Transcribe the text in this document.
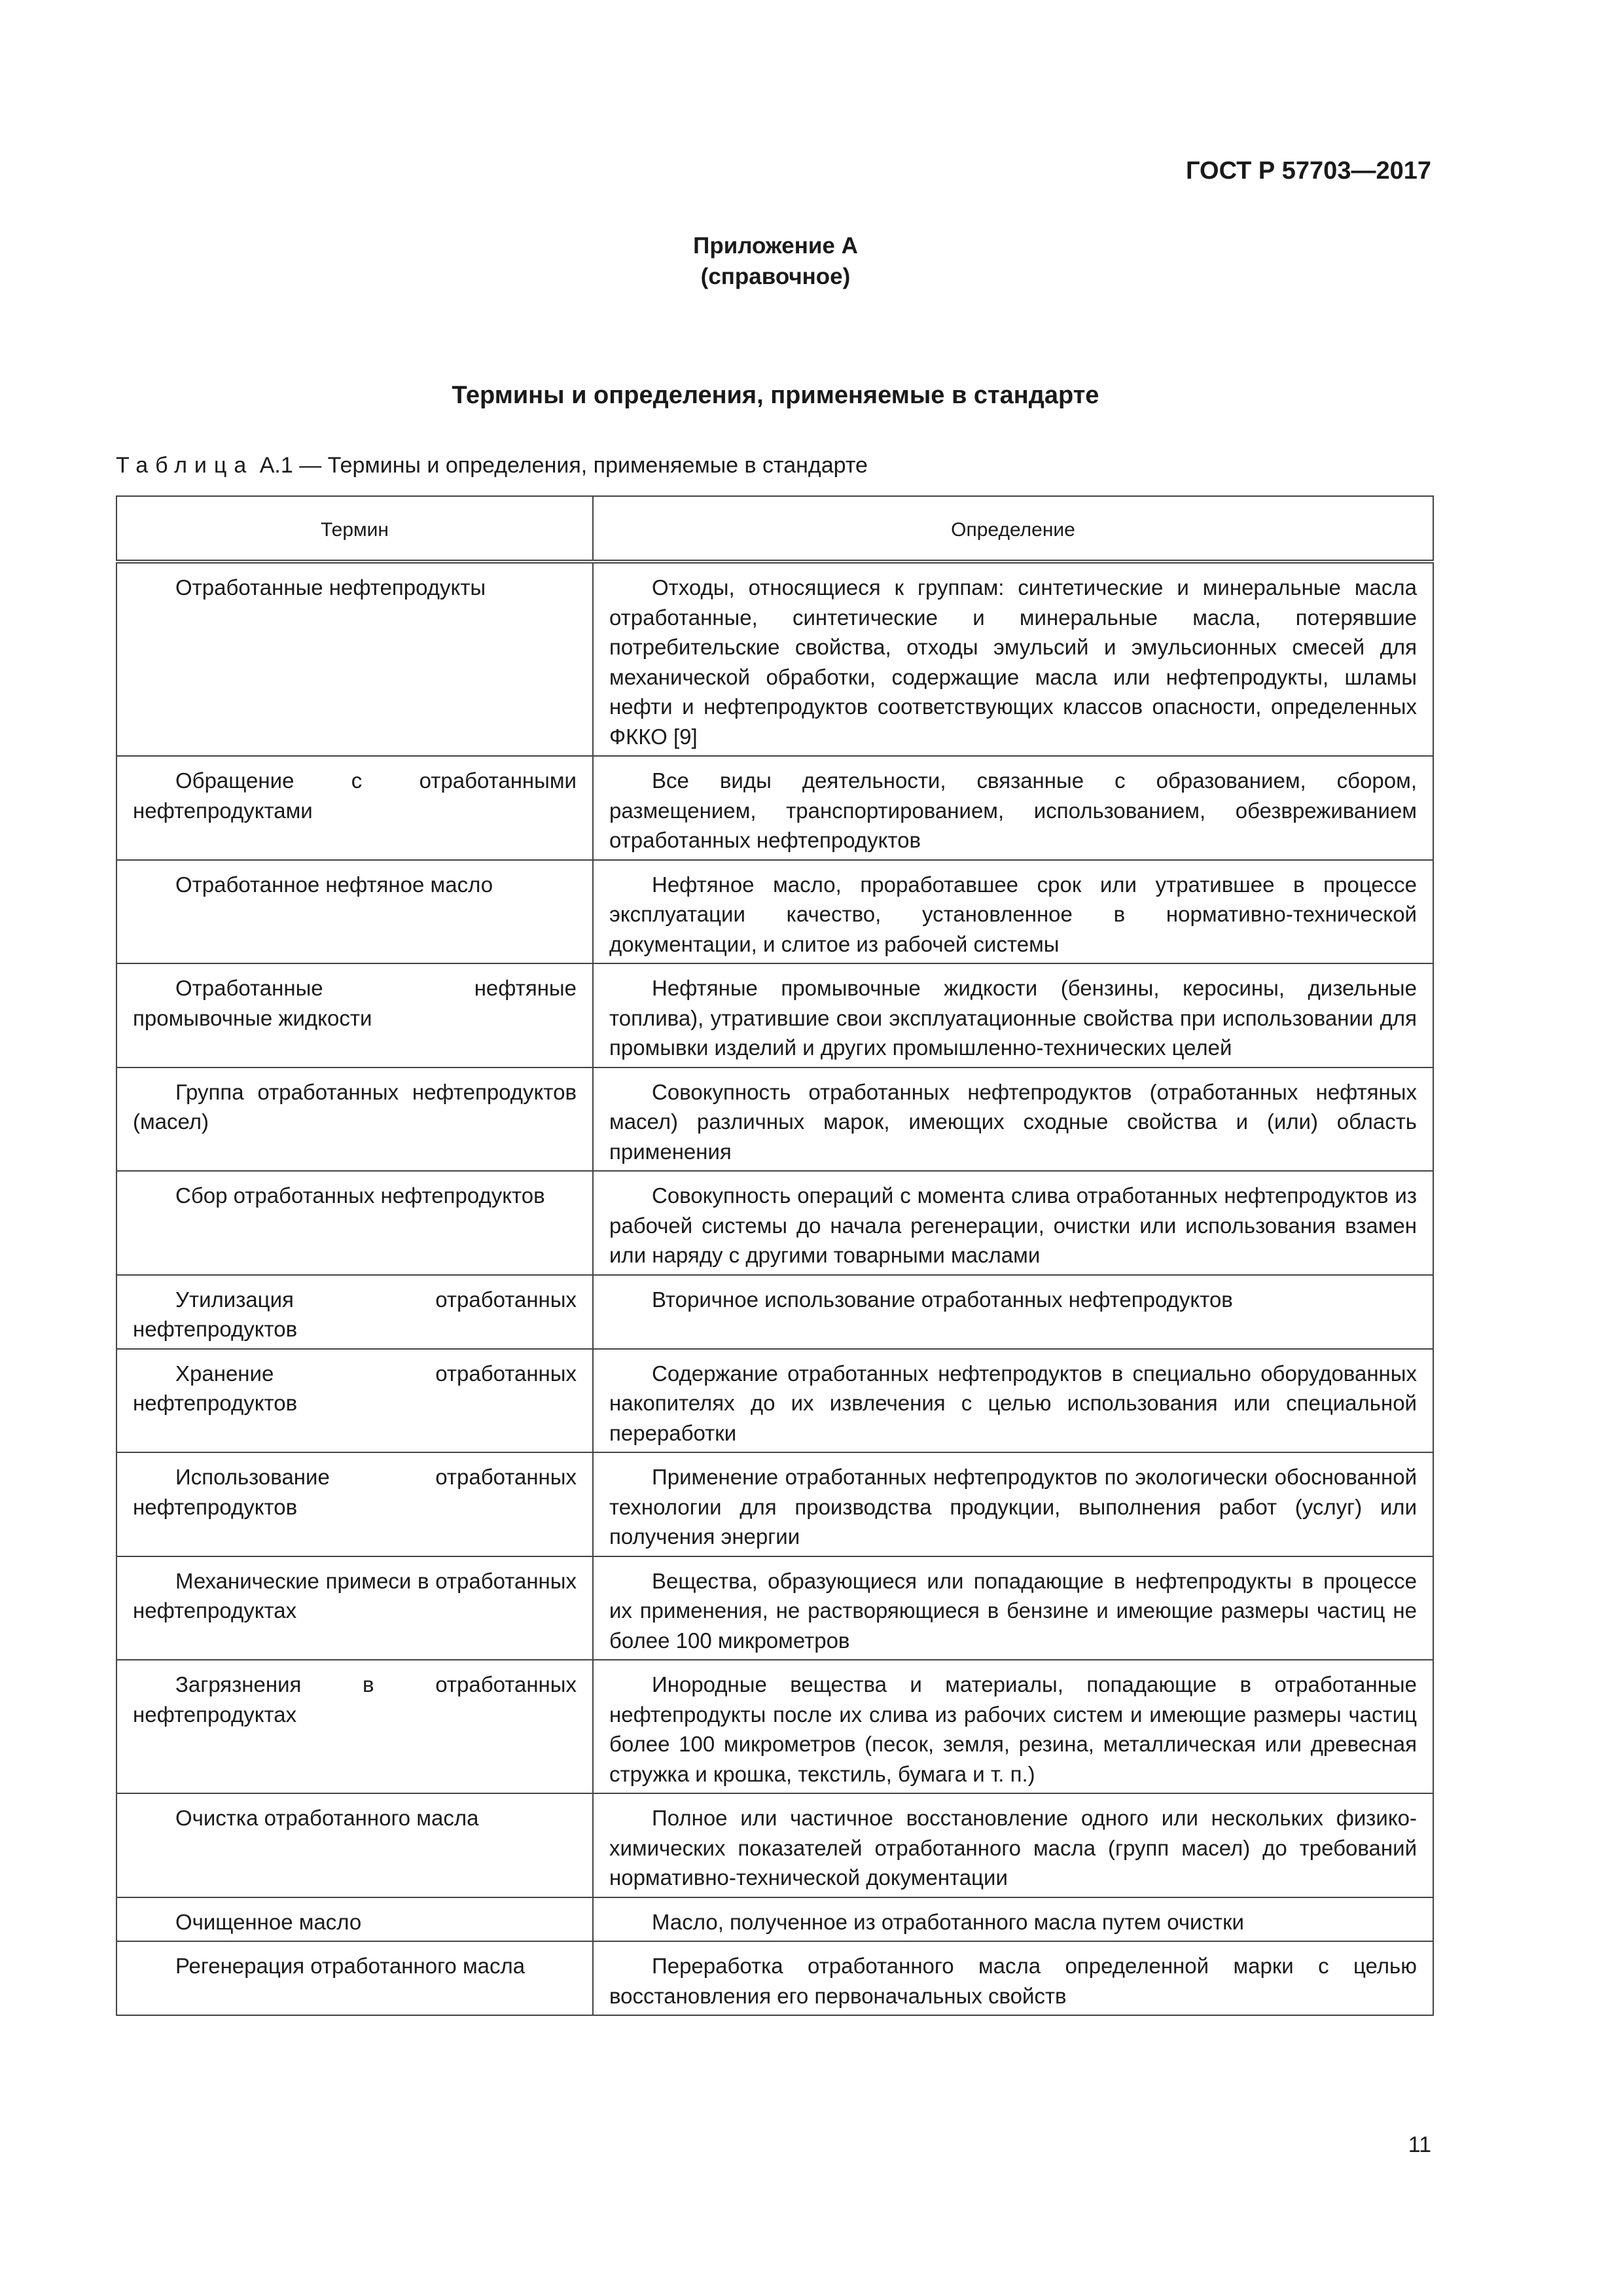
ГОСТ Р 57703—2017
Приложение А
(справочное)
Термины и определения, применяемые в стандарте
Таблица А.1 — Термины и определения, применяемые в стандарте
Термин	Определение
Отработанные нефтепродукты	Отходы, относящиеся к группам: синтетические и минеральные масла отработанные, синтетические и минеральные масла, потерявшие потребительские свойства, отходы эмульсий и эмульсионных смесей для механической обработки, содержащие масла или нефтепродукты, шламы нефти и нефтепродуктов соответствующих классов опасности, определенных ФККО [9]
Обращение с отработанными нефтепродуктами	Все виды деятельности, связанные с образованием, сбором, размещением, транспортированием, использованием, обезвреживанием отработанных нефтепродуктов
Отработанное нефтяное масло	Нефтяное масло, проработавшее срок или утратившее в процессе эксплуатации качество, установленное в нормативно-технической документации, и слитое из рабочей системы
Отработанные нефтяные промывочные жидкости	Нефтяные промывочные жидкости (бензины, керосины, дизельные топлива), утратившие свои эксплуатационные свойства при использовании для промывки изделий и других промышленно-технических целей
Группа отработанных нефтепродуктов (масел)	Совокупность отработанных нефтепродуктов (отработанных нефтяных масел) различных марок, имеющих сходные свойства и (или) область применения
Сбор отработанных нефтепродуктов	Совокупность операций с момента слива отработанных нефтепродуктов из рабочей системы до начала регенерации, очистки или использования взамен или наряду с другими товарными маслами
Утилизация отработанных нефтепродуктов	Вторичное использование отработанных нефтепродуктов
Хранение отработанных нефтепродуктов	Содержание отработанных нефтепродуктов в специально оборудованных накопителях до их извлечения с целью использования или специальной переработки
Использование отработанных нефтепродуктов	Применение отработанных нефтепродуктов по экологически обоснованной технологии для производства продукции, выполнения работ (услуг) или получения энергии
Механические примеси в отработанных нефтепродуктах	Вещества, образующиеся или попадающие в нефтепродукты в процессе их применения, не растворяющиеся в бензине и имеющие размеры частиц не более 100 микрометров
Загрязнения в отработанных нефтепродуктах	Инородные вещества и материалы, попадающие в отработанные нефтепродукты после их слива из рабочих систем и имеющие размеры частиц более 100 микрометров (песок, земля, резина, металлическая или древесная стружка и крошка, текстиль, бумага и т. п.)
Очистка отработанного масла	Полное или частичное восстановление одного или нескольких физико-химических показателей отработанного масла (групп масел) до требований нормативно-технической документации
Очищенное масло	Масло, полученное из отработанного масла путем очистки
Регенерация отработанного масла	Переработка отработанного масла определенной марки с целью восстановления его первоначальных свойств
11
